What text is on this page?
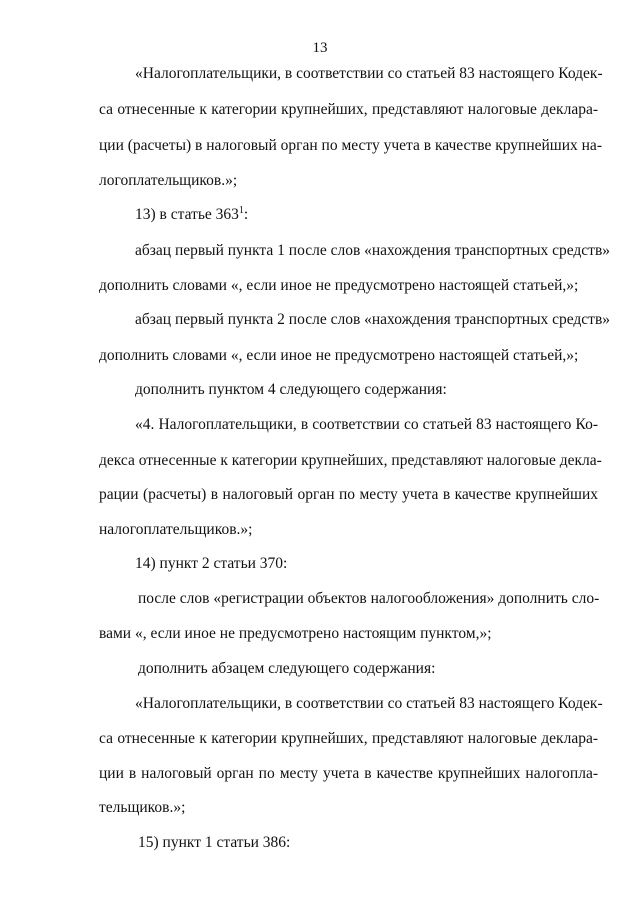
13
«Налогоплательщики, в соответствии со статьей 83 настоящего Кодек-
са отнесенные к категории крупнейших, представляют налоговые деклара-
ции (расчеты) в налоговый орган по месту учета в качестве крупнейших на-
логоплательщиков.»;
13) в статье $363^1$:
абзац первый пункта 1 после слов «нахождения транспортных средств»
дополнить словами «, если иное не предусмотрено настоящей статьей,»;
абзац первый пункта 2 после слов «нахождения транспортных средств»
дополнить словами «, если иное не предусмотрено настоящей статьей,»;
дополнить пунктом 4 следующего содержания:
«4. Налогоплательщики, в соответствии со статьей 83 настоящего Ко-
декса отнесенные к категории крупнейших, представляют налоговые декла-
рации (расчеты) в налоговый орган по месту учета в качестве крупнейших
налогоплательщиков.»;
14) пункт 2 статьи 370:
после слов «регистрации объектов налогообложения» дополнить сло-
вами «, если иное не предусмотрено настоящим пунктом,»;
дополнить абзацем следующего содержания:
«Налогоплательщики, в соответствии со статьей 83 настоящего Кодек-
са отнесенные к категории крупнейших, представляют налоговые деклара-
ции в налоговый орган по месту учета в качестве крупнейших налогопла-
тельщиков.»;
15) пункт 1 статьи 386:
